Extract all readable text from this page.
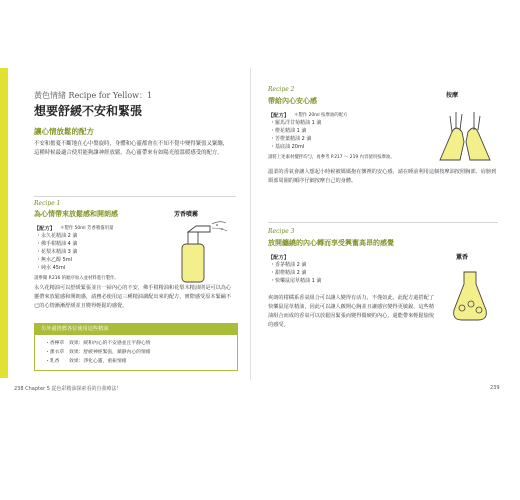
黃色情緒 Recipe for Yellow：1
想要舒緩不安和緊張
讓心情放鬆的配方

不安和擔憂不斷地在心中盤旋時，身體和心靈都會在不知不覺中變得緊張又緊繃，這種時候最適合使用能夠讓神經放鬆，為心靈帶來有如陽光般溫暖感受的配方。

Recipe 1
為心情帶來放鬆感和開朗感	芳香噴霧
【配方】 ＊製作 50ml 芳香噴霧用量
・永久花精油 2 滴
・佛手柑精油 4 滴
・花梨木精油 3 滴
・無水乙醇 5ml
・純水 45ml
請參閱 P.216 的順序加入並材料進行製作。

永久花精油可以舒緩緊張並且一掃內心的不安，佛手柑精油和花梨木精油則是可以為心靈帶來放鬆感和開朗感，請務必使用這三種精油調配出來的配方，實際感受原本緊繃不已的心情漸漸舒緩並且變得輕鬆的感覺。

另外還推薦各位使用這些精油
・香檸草　效果：緩和內心的不安感並且平靜心情
・薰衣草　效果：舒緩神經緊張，鎮靜內心的情緒
・乳香　　效果：淨化心靈，重振情緒
Recipe 2
帶給內心安心感
按摩
【配方】 ＊製作 20ml 按摩油的配方
・羅馬洋甘菊精油 1 滴
・橙花精油 1 滴
・苦橙葉精油 2 滴
・基底油 20ml
請將上述素材攪拌均勻，再參考 P.217 ～ 219 內容使用按摩油。

溫柔的香氣會讓人想起小時候被媽媽抱在懷裡的安心感，請在睡前利用這個按摩油按照胸部、肩膀到頸部周圍的順序仔細按摩自己的身體。

Recipe 3
放開纏繞的內心轉而享受興奮高昂的感覺
【配方】
・香茅精油 2 滴
・甜橙精油 2 滴
・快樂鼠尾草精油 1 滴
薰香

爽朗的柑橘系香氣組合可以讓人變得有活力，不僅如此，此配方還搭配了快樂鼠尾草精油，因此可以讓人敞開心胸並且讓感官變得更敏銳。這些精油組合而成的香氣可以放鬆因緊張而變得僵硬的內心，還能帶來輕鬆愉悅的感受。

238 Chapter 5 從色彩精油探索看的自我療法！	239
